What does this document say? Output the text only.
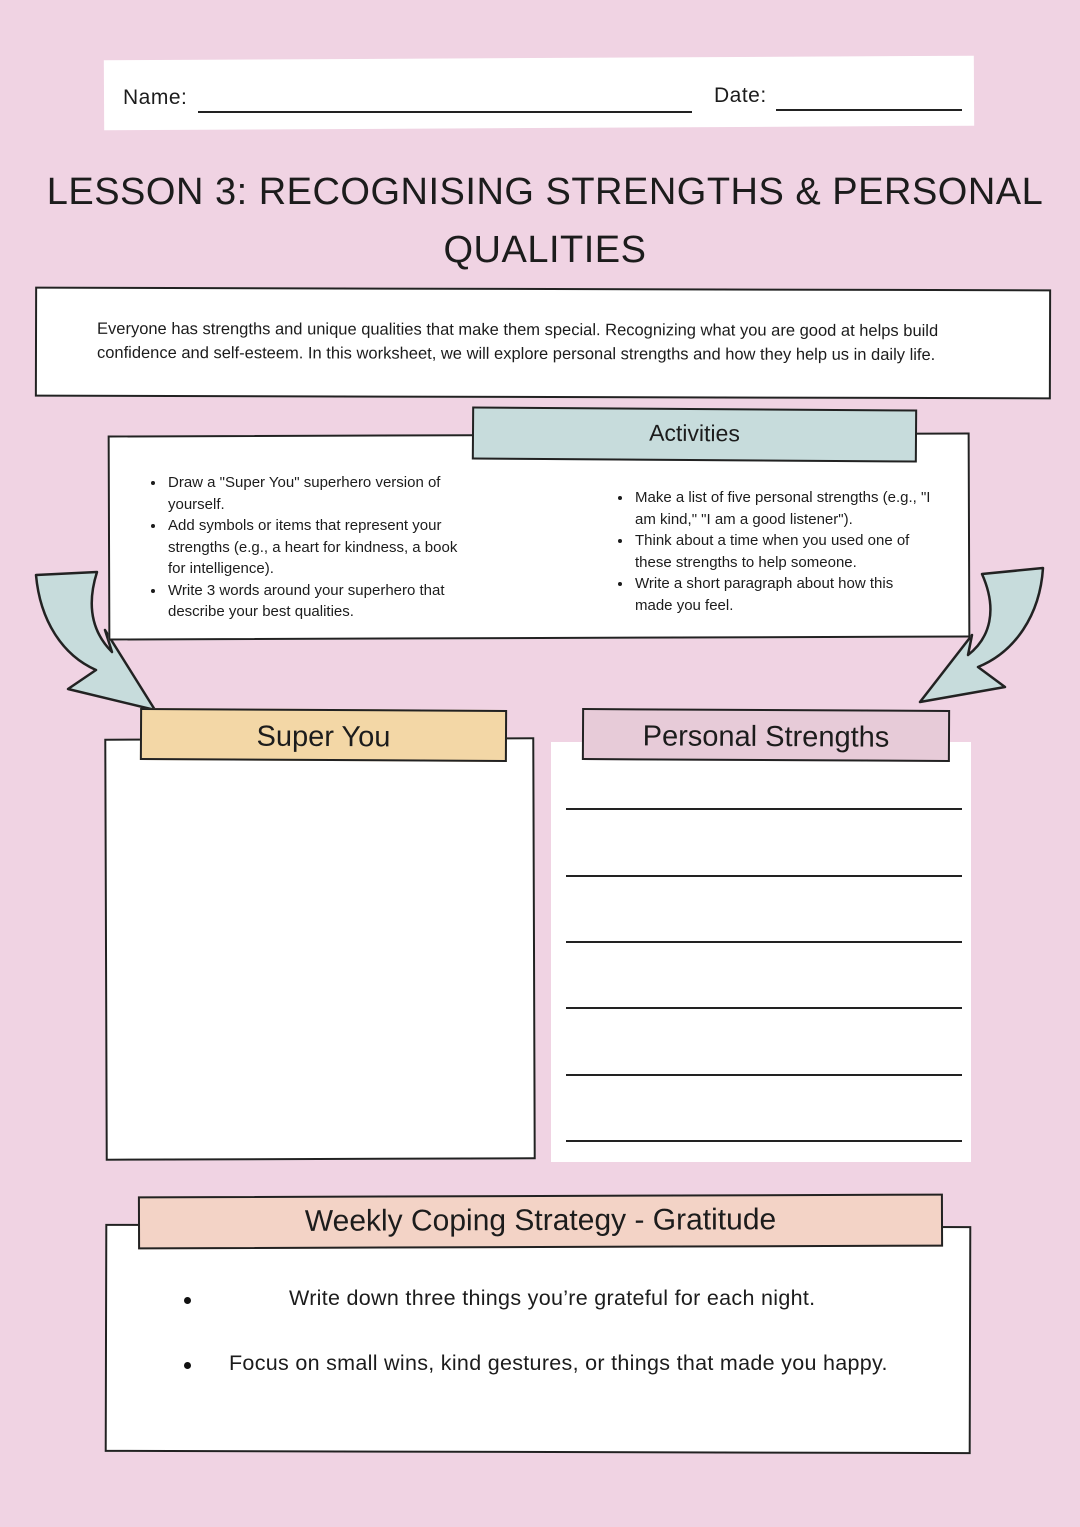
Name:	Date:
LESSON 3: RECOGNISING STRENGTHS & PERSONAL QUALITIES

Everyone has strengths and unique qualities that make them special. Recognizing what you are good at helps build confidence and self-esteem. In this worksheet, we will explore personal strengths and how they help us in daily life.

Activities
• Draw a "Super You" superhero version of yourself.
• Add symbols or items that represent your strengths (e.g., a heart for kindness, a book for intelligence).
• Write 3 words around your superhero that describe your best qualities.
• Make a list of five personal strengths (e.g., "I am kind," "I am a good listener").
• Think about a time when you used one of these strengths to help someone.
• Write a short paragraph about how this made you feel.
Super You	Personal Strengths
Weekly Coping Strategy - Gratitude
Write down three things you’re grateful for each night.
Focus on small wins, kind gestures, or things that made you happy.
